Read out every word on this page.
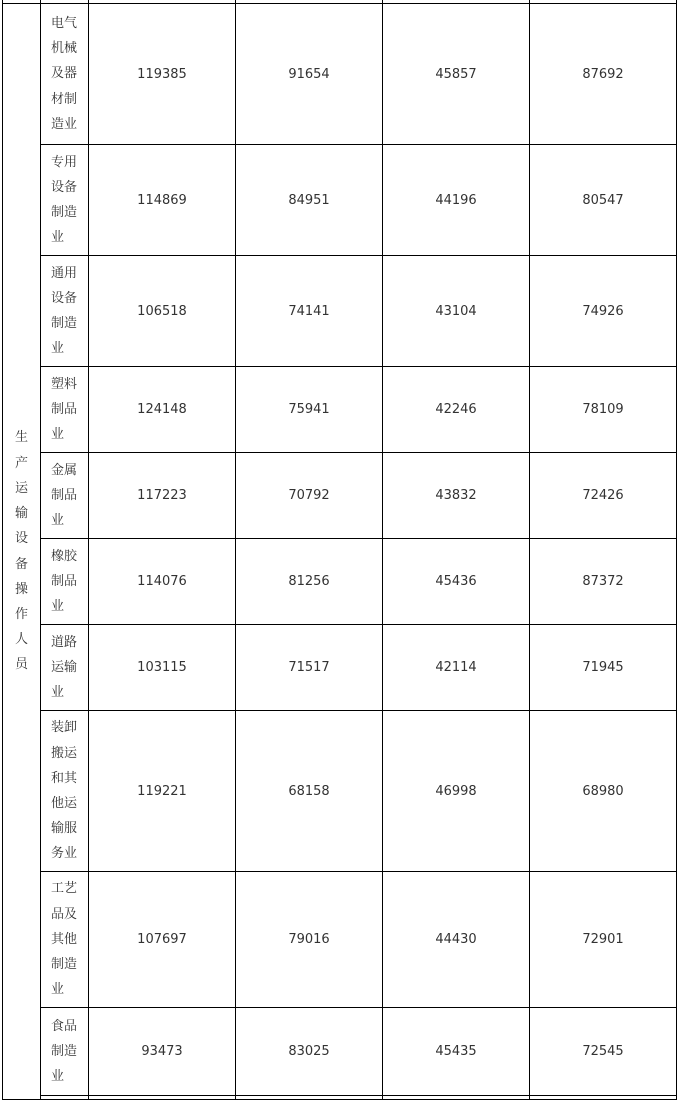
生产运输设备操作人员	电气机械及器材制造业	119385	91654	45857	87692

	专用设备制造业	114869	84951	44196	80547

	通用设备制造业	106518	74141	43104	74926

	塑料制品业	124148	75941	42246	78109

	金属制品业	117223	70792	43832	72426

	橡胶制品业	114076	81256	45436	87372

	道路运输业	103115	71517	42114	71945

	装卸搬运和其他运输服务业	119221	68158	46998	68980

	工艺品及其他制造业	107697	79016	44430	72901

	食品制造业	93473	83025	45435	72545
